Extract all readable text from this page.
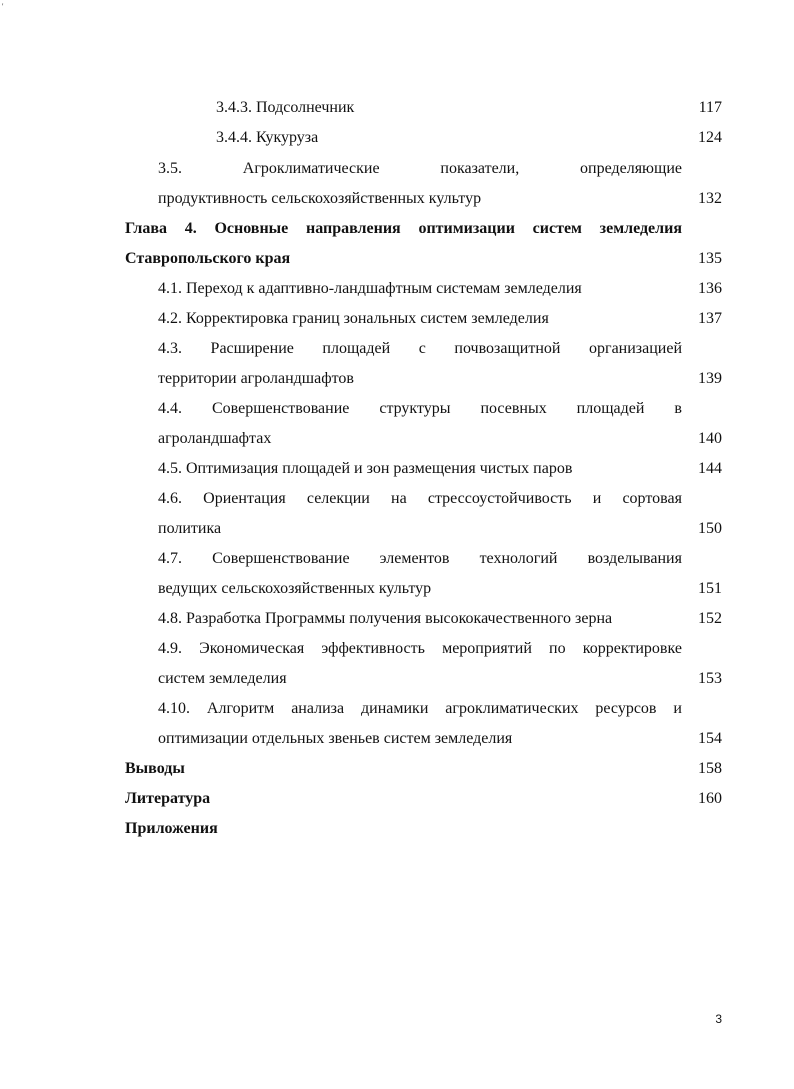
'
3.4.3. Подсолнечник	117
3.4.4. Кукуруза	124
3.5.	Агроклиматические	показатели,	определяющие
продуктивность сельскохозяйственных культур	132
Глава 4. Основные направления оптимизации систем земледелия
Ставропольского края	135
4.1. Переход к адаптивно-ландшафтным системам земледелия	136
4.2. Корректировка границ зональных систем земледелия	137
4.3. Расширение площадей с почвозащитной организацией
территории агроландшафтов	139
4.4. Совершенствование структуры посевных площадей в
агроландшафтах	140
4.5. Оптимизация площадей и зон размещения чистых паров	144
4.6. Ориентация селекции на стрессоустойчивость и сортовая
политика	150
4.7. Совершенствование элементов технологий возделывания
ведущих сельскохозяйственных культур	151
4.8. Разработка Программы получения высококачественного зерна	152
4.9. Экономическая эффективность мероприятий по корректировке
систем земледелия	153
4.10. Алгоритм анализа динамики агроклиматических ресурсов и
оптимизации отдельных звеньев систем земледелия	154
Выводы	158
Литература	160
Приложения
3
